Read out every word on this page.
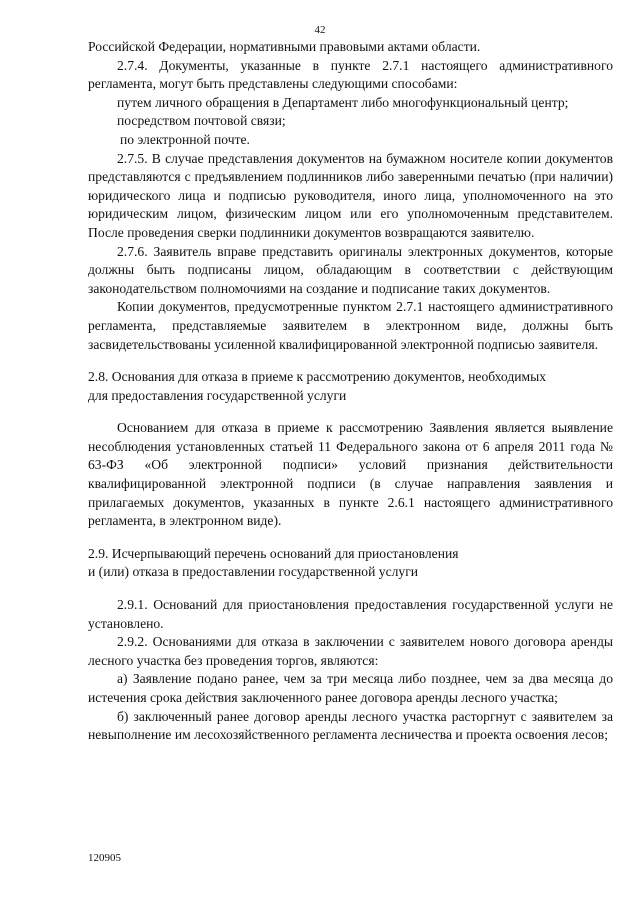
42

Российской Федерации, нормативными правовыми актами области.

2.7.4. Документы, указанные в пункте 2.7.1 настоящего административного регламента, могут быть представлены следующими способами:

путем личного обращения в Департамент либо многофункциональный центр;

посредством почтовой связи;

по электронной почте.

2.7.5. В случае представления документов на бумажном носителе копии документов представляются с предъявлением подлинников либо заверенными печатью (при наличии) юридического лица и подписью руководителя, иного лица, уполномоченного на это юридическим лицом, физическим лицом или его уполномоченным представителем. После проведения сверки подлинники документов возвращаются заявителю.

2.7.6. Заявитель вправе представить оригиналы электронных документов, которые должны быть подписаны лицом, обладающим в соответствии с действующим законодательством полномочиями на создание и подписание таких документов.

Копии документов, предусмотренные пунктом 2.7.1 настоящего административного регламента, представляемые заявителем в электронном виде, должны быть засвидетельствованы усиленной квалифицированной электронной подписью заявителя.

2.8. Основания для отказа в приеме к рассмотрению документов, необходимых

для предоставления государственной услуги

Основанием для отказа в приеме к рассмотрению Заявления является выявление несоблюдения установленных статьей 11 Федерального закона от 6 апреля 2011 года № 63-ФЗ «Об электронной подписи» условий признания действительности квалифицированной электронной подписи (в случае направления заявления и прилагаемых документов, указанных в пункте 2.6.1 настоящего административного регламента, в электронном виде).

2.9. Исчерпывающий перечень оснований для приостановления

и (или) отказа в предоставлении государственной услуги

2.9.1. Оснований для приостановления предоставления государственной услуги не установлено.

2.9.2. Основаниями для отказа в заключении с заявителем нового договора аренды лесного участка без проведения торгов, являются:

а) Заявление подано ранее, чем за три месяца либо позднее, чем за два месяца до истечения срока действия заключенного ранее договора аренды лесного участка;

б) заключенный ранее договор аренды лесного участка расторгнут с заявителем за невыполнение им лесохозяйственного регламента лесничества и проекта освоения лесов;

120905
